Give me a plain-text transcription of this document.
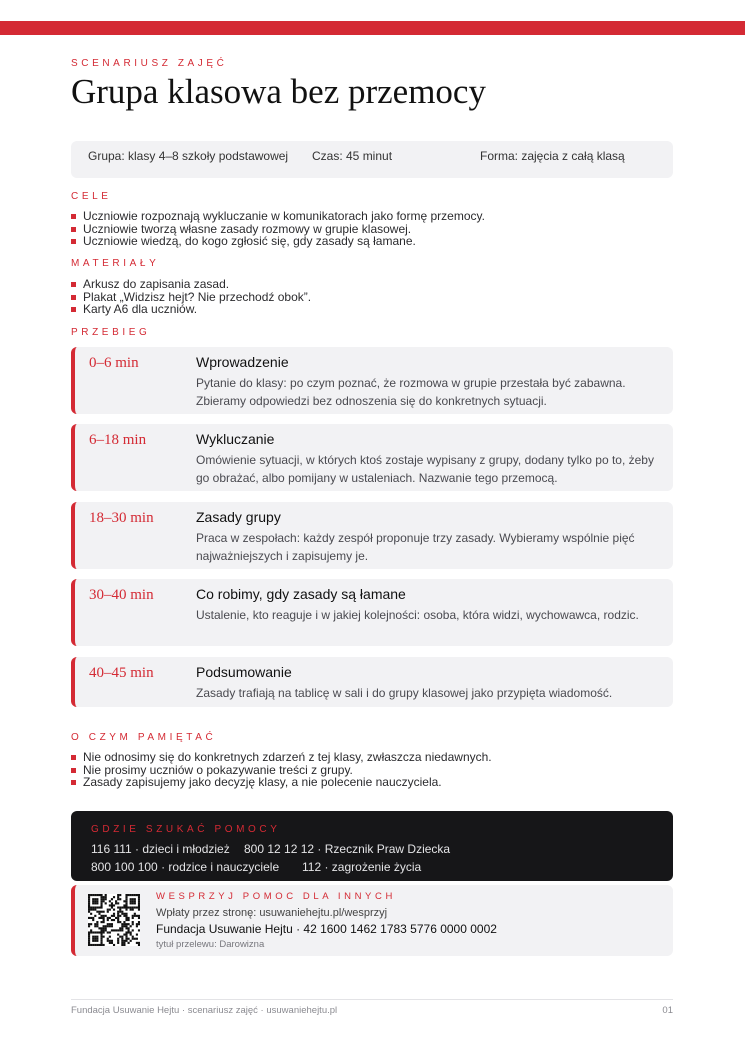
SCENARIUSZ ZAJĘĆ
Grupa klasowa bez przemocy
Grupa: klasy 4–8 szkoły podstawowej Czas: 45 minut	Forma: zajęcia z całą klasą
CELE
Uczniowie rozpoznają wykluczanie w komunikatorach jako formę przemocy.
Uczniowie tworzą własne zasady rozmowy w grupie klasowej.
Uczniowie wiedzą, do kogo zgłosić się, gdy zasady są łamane.
MATERIAŁY
Arkusz do zapisania zasad.
Plakat „Widzisz hejt? Nie przechodź obok”.
Karty A6 dla uczniów.
PRZEBIEG
0–6 min	Wprowadzenie
Pytanie do klasy: po czym poznać, że rozmowa w grupie przestała być zabawna. Zbieramy odpowiedzi bez odnoszenia się do konkretnych sytuacji.
6–18 min	Wykluczanie
Omówienie sytuacji, w których ktoś zostaje wypisany z grupy, dodany tylko po to, żeby go obrażać, albo pomijany w ustaleniach. Nazwanie tego przemocą.
18–30 min	Zasady grupy
Praca w zespołach: każdy zespół proponuje trzy zasady. Wybieramy wspólnie pięć najważniejszych i zapisujemy je.
30–40 min	Co robimy, gdy zasady są łamane
Ustalenie, kto reaguje i w jakiej kolejności: osoba, która widzi, wychowawca, rodzic.
40–45 min	Podsumowanie
Zasady trafiają na tablicę w sali i do grupy klasowej jako przypięta wiadomość.
O CZYM PAMIĘTAĆ
Nie odnosimy się do konkretnych zdarzeń z tej klasy, zwłaszcza niedawnych.
Nie prosimy uczniów o pokazywanie treści z grupy.
Zasady zapisujemy jako decyzję klasy, a nie polecenie nauczyciela.
GDZIE SZUKAĆ POMOCY
116 111 · dzieci i młodzież 800 12 12 12 · Rzecznik Praw Dziecka
800 100 100 · rodzice i nauczyciele 112 · zagrożenie życia
WESPRZYJ POMOC DLA INNYCH
Wpłaty przez stronę: usuwaniehejtu.pl/wesprzyj
Fundacja Usuwanie Hejtu · 42 1600 1462 1783 5776 0000 0002
tytuł przelewu: Darowizna
Fundacja Usuwanie Hejtu · scenariusz zajęć · usuwaniehejtu.pl	01
